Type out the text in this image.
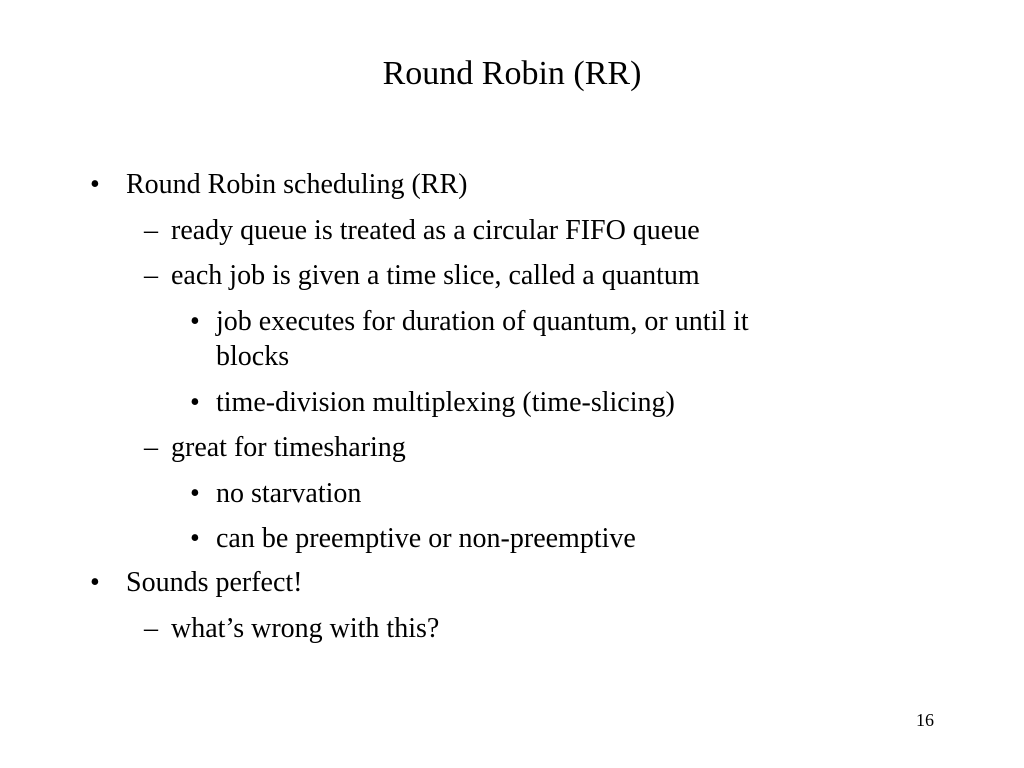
Round Robin (RR)
• Round Robin scheduling (RR)
– ready queue is treated as a circular FIFO queue
– each job is given a time slice, called a quantum
• job executes for duration of quantum, or until it
blocks
• time-division multiplexing (time-slicing)
– great for timesharing
• no starvation
• can be preemptive or non-preemptive
• Sounds perfect!
– what’s wrong with this?
16
